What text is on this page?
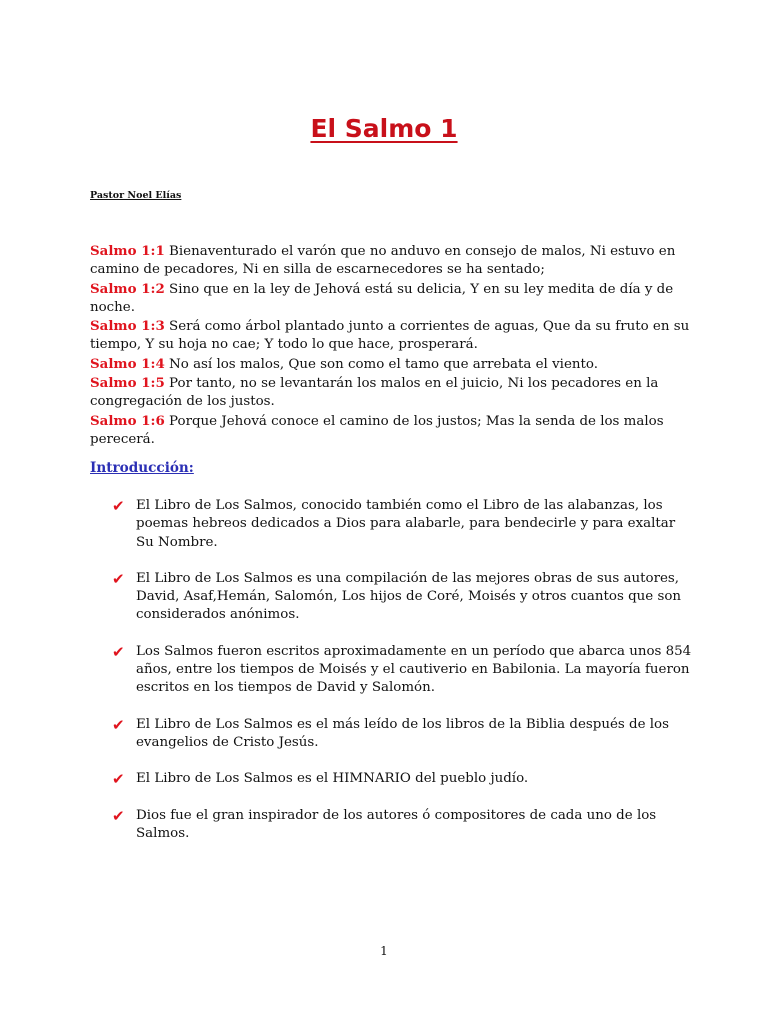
El Salmo 1
Pastor Noel Elías
Salmo 1:1 Bienaventurado el varón que no anduvo en consejo de malos, Ni estuvo en camino de pecadores, Ni en silla de escarnecedores se ha sentado;
Salmo 1:2 Sino que en la ley de Jehová está su delicia, Y en su ley medita de día y de noche.
Salmo 1:3 Será como árbol plantado junto a corrientes de aguas, Que da su fruto en su tiempo, Y su hoja no cae; Y todo lo que hace, prosperará.
Salmo 1:4 No así los malos, Que son como el tamo que arrebata el viento.
Salmo 1:5 Por tanto, no se levantarán los malos en el juicio, Ni los pecadores en la congregación de los justos.
Salmo 1:6 Porque Jehová conoce el camino de los justos; Mas la senda de los malos perecerá.
Introducción:
✔ El Libro de Los Salmos, conocido también como el Libro de las alabanzas, los poemas hebreos dedicados a Dios para alabarle, para bendecirle y para exaltar Su Nombre.
✔ El Libro de Los Salmos es una compilación de las mejores obras de sus autores, David, Asaf,Hemán, Salomón, Los hijos de Coré, Moisés y otros cuantos que son considerados anónimos.
✔ Los Salmos fueron escritos aproximadamente en un período que abarca unos 854 años, entre los tiempos de Moisés y el cautiverio en Babilonia. La mayoría fueron escritos en los tiempos de David y Salomón.
✔ El Libro de Los Salmos es el más leído de los libros de la Biblia después de los evangelios de Cristo Jesús.
✔ El Libro de Los Salmos es el HIMNARIO del pueblo judío.
✔ Dios fue el gran inspirador de los autores ó compositores de cada uno de los Salmos.
1
